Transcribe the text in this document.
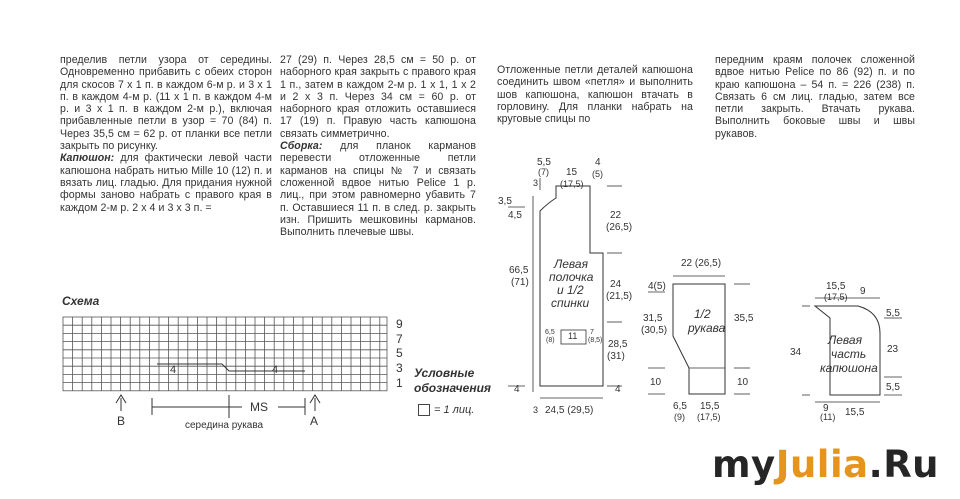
пределив петли узора от середины. Одновременно прибавить с обеих сторон для скосов 7 х 1 п. в каждом 6-м р. и 3 х 1 п. в каждом 4-м р. (11 х 1 п. в каждом 4-м р. и 3 х 1 п. в каждом 2-м р.), включая прибавленные петли в узор = 70 (84) п. Через 35,5 см = 62 р. от планки все петли закрыть по рисунку.

Капюшон: для фактически левой части капюшона набрать нитью Mille 10 (12) п. и вязать лиц. гладью. Для придания нужной формы заново набрать с правого края в каждом 2-м р. 2 х 4 и 3 х 3 п. =

27 (29) п. Через 28,5 см = 50 р. от наборного края закрыть с правого края 1 п., затем в каждом 2-м р. 1 х 1, 1 х 2 и 2 х 3 п. Через 34 см = 60 р. от наборного края отложить оставшиеся 17 (19) п. Правую часть капюшона связать симметрично.

Сборка: для планок карманов перевести отложенные петли карманов на спицы № 7 и связать сложенной вдвое нитью Pelice 1 р. лиц., при этом равномерно убавить 7 п. Оставшиеся 11 п. в след. р. закрыть изн. Пришить мешковины карманов. Выполнить плечевые швы.

Отложенные петли деталей капюшона соединить швом «петля» и выполнить шов капюшона, капюшон втачать в горловину. Для планки набрать на круговые спицы по

передним краям полочек сложенной вдвое нитью Pelice по 86 (92) п. и по краю капюшона – 54 п. = 226 (238) п. Связать 6 см лиц. гладью, затем все петли закрыть. Втачать рукава. Выполнить боковые швы и швы рукавов.

Условные
обозначения
= 1 лиц.
Схема
9
7
5
3
1
4	4
B	A
MS
середина рукава
Левая
полочка
и 1/2
спинки
5,5
(7) 15
(17,5)
4
(5)
3
3,5
4,5
66,5
(71)
4
22
(26,5)
24
(21,5)
28,5
(31)
4
6,5
(8) 11 7
(8,5)
3 24,5 (29,5)
1/2
рукава
22 (26,5)
4(5)
31,5
(30,5)
35,5
10	10
6,5
(9)
15,5
(17,5)
Левая
часть
капюшона
15,5
(17,5) 9
5,5
23
5,5
34
9
(11) 15,5
myJulia.Ru
